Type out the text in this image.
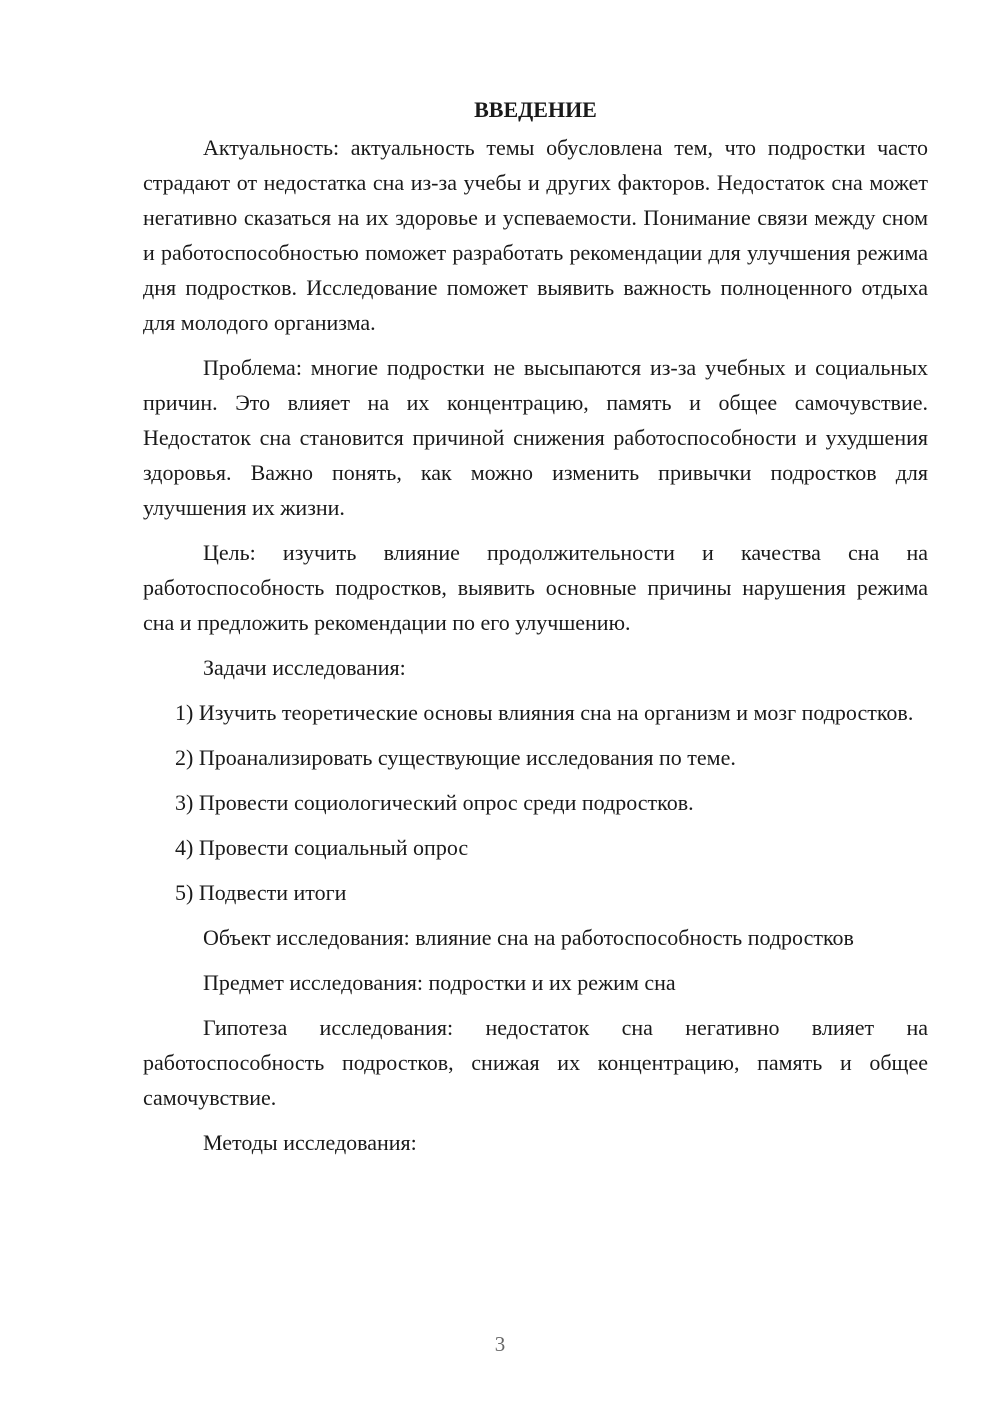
ВВЕДЕНИЕ

Актуальность: актуальность темы обусловлена тем, что подростки часто страдают от недостатка сна из-за учебы и других факторов. Недостаток сна может негативно сказаться на их здоровье и успеваемости. Понимание связи между сном и работоспособностью поможет разработать рекомендации для улучшения режима дня подростков. Исследование поможет выявить важность полноценного отдыха для молодого организма.

Проблема: многие подростки не высыпаются из-за учебных и социальных причин. Это влияет на их концентрацию, память и общее самочувствие. Недостаток сна становится причиной снижения работоспособности и ухудшения здоровья. Важно понять, как можно изменить привычки подростков для улучшения их жизни.

Цель: изучить влияние продолжительности и качества сна на работоспособность подростков, выявить основные причины нарушения режима сна и предложить рекомендации по его улучшению.

Задачи исследования:

1) Изучить теоретические основы влияния сна на организм и мозг подростков.

2) Проанализировать существующие исследования по теме.

3) Провести социологический опрос среди подростков.

4) Провести социальный опрос

5) Подвести итоги

Объект исследования: влияние сна на работоспособность подростков

Предмет исследования: подростки и их режим сна

Гипотеза исследования: недостаток сна негативно влияет на работоспособность подростков, снижая их концентрацию, память и общее самочувствие.

Методы исследования:

3
